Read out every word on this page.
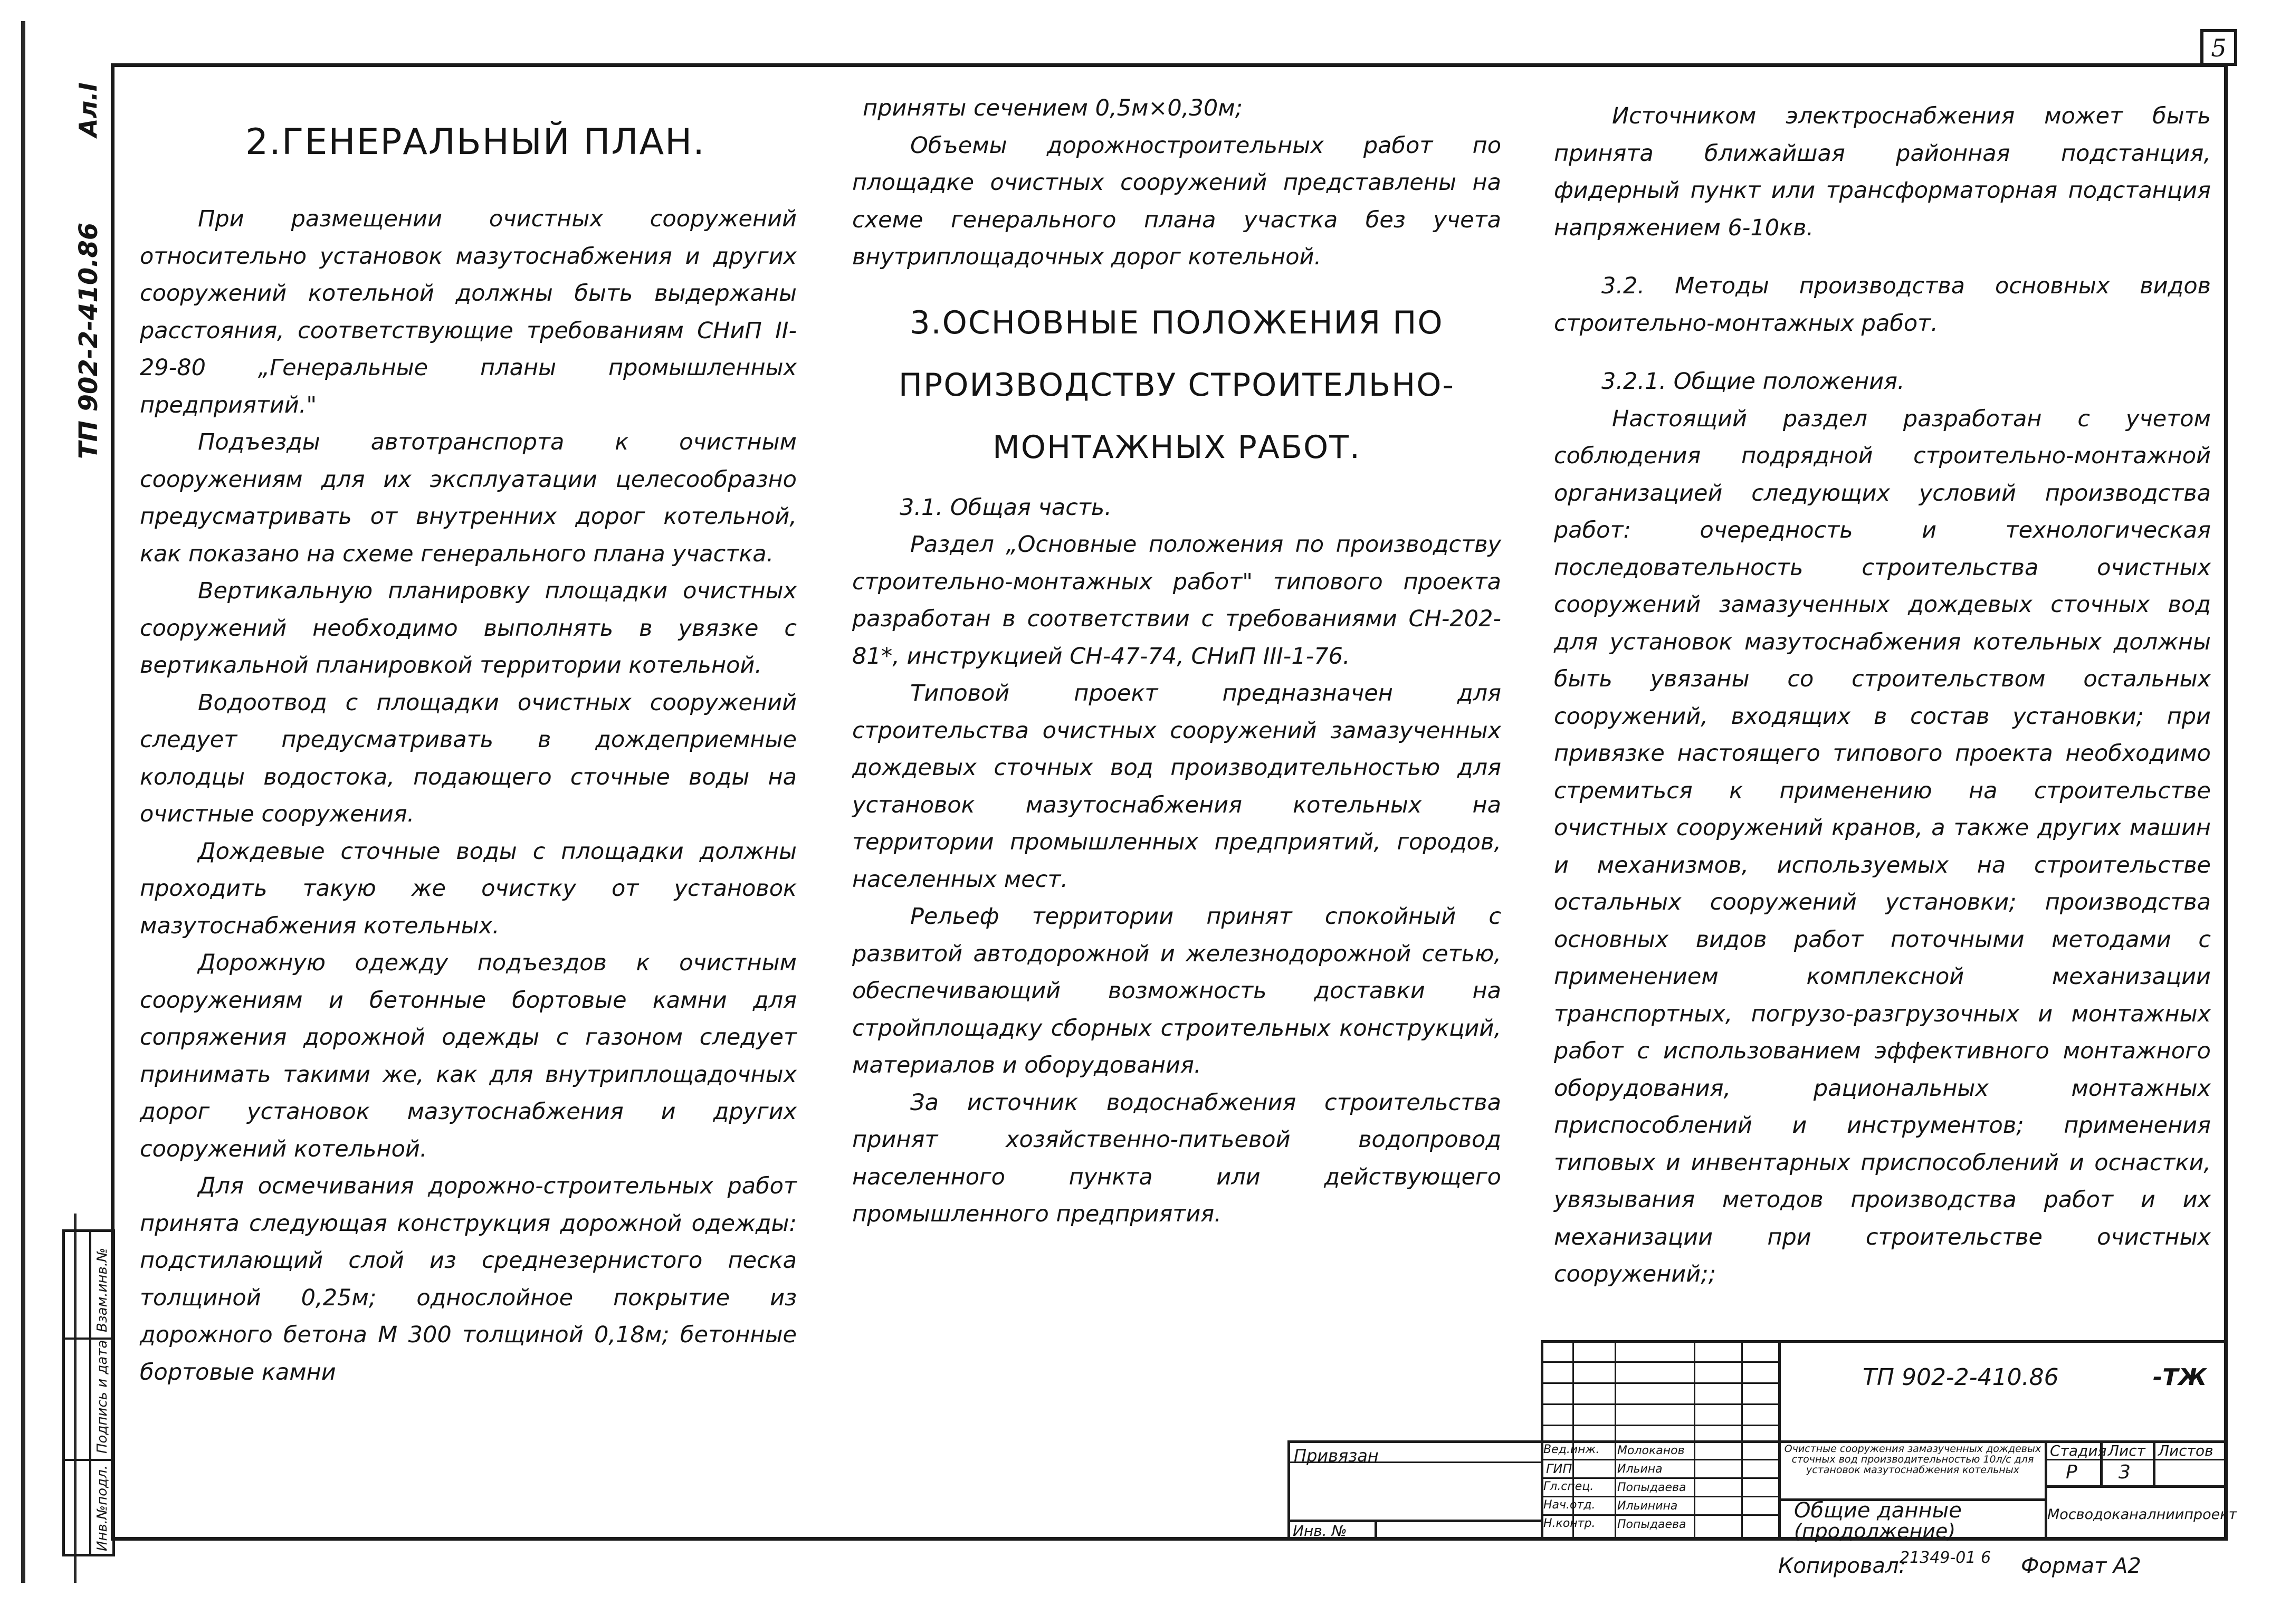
5
Ал.I
ТП 902-2-410.86
Инв.№подл.
Подпись и дата
Взам.инв.№
2.ГЕНЕРАЛЬНЫЙ ПЛАН.

При размещении очистных сооружений относительно установок мазутоснабжения и других сооружений котельной должны быть выдержаны расстояния, соответствующие требованиям СНиП II-29-80 „Генеральные планы промышленных предприятий."

Подъезды автотранспорта к очистным сооружениям для их эксплуатации целесообразно предусматривать от внутренних дорог котельной, как показано на схеме генерального плана участка.

Вертикальную планировку площадки очистных сооружений необходимо выполнять в увязке с вертикальной планировкой территории котельной.

Водоотвод с площадки очистных сооружений следует предусматривать в дождеприемные колодцы водостока, подающего сточные воды на очистные сооружения.

Дождевые сточные воды с площадки должны проходить такую же очистку от установок мазутоснабжения котельных.

Дорожную одежду подъездов к очистным сооружениям и бетонные бортовые камни для сопряжения дорожной одежды с газоном следует принимать такими же, как для внутриплощадочных дорог установок мазутоснабжения и других сооружений котельной.

Для осмечивания дорожно-строительных работ принята следующая конструкция дорожной одежды: подстилающий слой из среднезернистого песка толщиной 0,25м; однослойное покрытие из дорожного бетона М 300 толщиной 0,18м; бетонные бортовые камни

приняты сечением 0,5м×0,30м;

Объемы дорожностроительных работ по площадке очистных сооружений представлены на схеме генерального плана участка без учета внутриплощадочных дорог котельной.

3.ОСНОВНЫЕ ПОЛОЖЕНИЯ ПО ПРОИЗВОДСТВУ СТРОИТЕЛЬНО-МОНТАЖНЫХ РАБОТ.

3.1. Общая часть.

Раздел „Основные положения по производству строительно-монтажных работ" типового проекта разработан в соответствии с требованиями СН-202-81*, инструкцией СН-47-74, СНиП III-1-76.

Типовой проект предназначен для строительства очистных сооружений замазученных дождевых сточных вод производительностью для установок мазутоснабжения котельных на территории промышленных предприятий, городов, населенных мест.

Рельеф территории принят спокойный с развитой автодорожной и железнодорожной сетью, обеспечивающий возможность доставки на стройплощадку сборных строительных конструкций, материалов и оборудования.

За источник водоснабжения строительства принят хозяйственно-питьевой водопровод населенного пункта или действующего промышленного предприятия.

Источником электроснабжения может быть принята ближайшая районная подстанция, фидерный пункт или трансформаторная подстанция напряжением 6-10кв.

3.2. Методы производства основных видов строительно-монтажных работ.

3.2.1. Общие положения.

Настоящий раздел разработан с учетом соблюдения подрядной строительно-монтажной организацией следующих условий производства работ: очередность и технологическая последовательность строительства очистных сооружений замазученных дождевых сточных вод для установок мазутоснабжения котельных должны быть увязаны со строительством остальных сооружений, входящих в состав установки; при привязке настоящего типового проекта необходимо стремиться к применению на строительстве очистных сооружений кранов, а также других машин и механизмов, используемых на строительстве остальных сооружений установки; производства основных видов работ поточными методами с применением комплексной механизации транспортных, погрузо-разгрузочных и монтажных работ с использованием эффективного монтажного оборудования, рациональных монтажных приспособлений и инструментов; применения типовых и инвентарных приспособлений и оснастки, увязывания методов производства работ и их механизации при строительстве очистных сооружений;;

Привязан
Инв. №
Вед.инж.
ГИП
Гл.спец.
Нач.отд.
Н.контр.
Молоканов
Ильина
Попыдаева
Ильинина
Попыдаева
ТП 902-2-410.86	-ТЖ
Очистные сооружения замазученных дождевых сточных вод производительностью 10л/с для установок мазутоснабжения котельных
Общие данные
(продолжение)
Стадия Лист Листов
Р 3
Мосводоканалниипроект
Копировал:
21349-01 6 Формат А2
